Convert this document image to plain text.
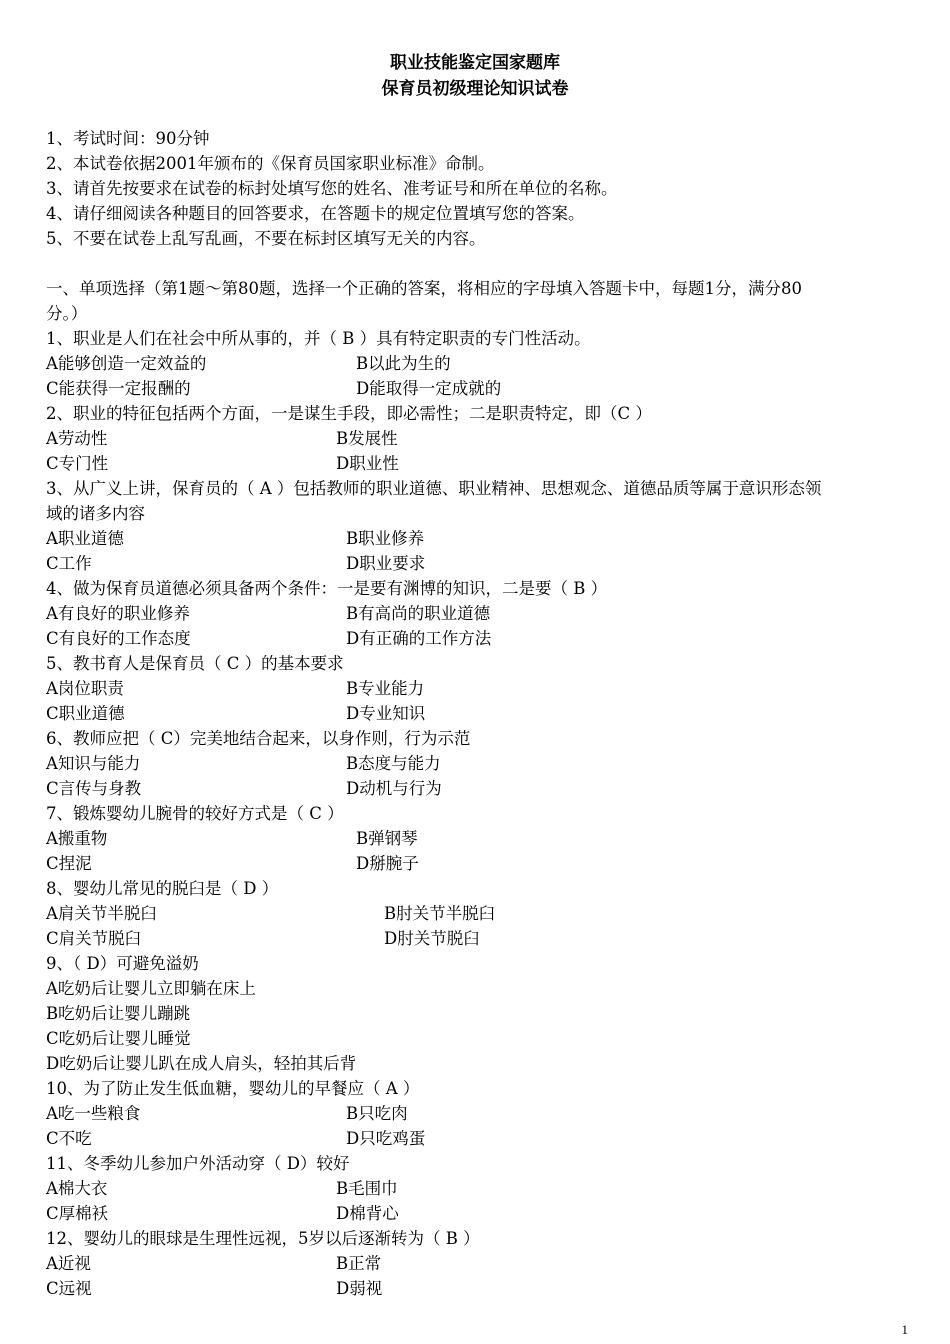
职业技能鉴定国家题库
保育员初级理论知识试卷
1、考试时间：90分钟
2、本试卷依据2001年颁布的《保育员国家职业标准》命制。
3、请首先按要求在试卷的标封处填写您的姓名、准考证号和所在单位的名称。
4、请仔细阅读各种题目的回答要求，在答题卡的规定位置填写您的答案。
5、不要在试卷上乱写乱画，不要在标封区填写无关的内容。
一、单项选择（第1题～第80题，选择一个正确的答案，将相应的字母填入答题卡中，每题1分，满分80
分。）
1、职业是人们在社会中所从事的，并（ B ）具有特定职责的专门性活动。
A能够创造一定效益的	B以此为生的
C能获得一定报酬的	D能取得一定成就的
2、职业的特征包括两个方面，一是谋生手段，即必需性；二是职责特定，即（C ）
A劳动性	B发展性
C专门性	D职业性
3、从广义上讲，保育员的（ A ）包括教师的职业道德、职业精神、思想观念、道德品质等属于意识形态领
域的诸多内容
A职业道德	B职业修养
C工作	D职业要求
4、做为保育员道德必须具备两个条件：一是要有渊博的知识，二是要（ B ）
A有良好的职业修养	B有高尚的职业道德
C有良好的工作态度	D有正确的工作方法
5、教书育人是保育员（ C ）的基本要求
A岗位职责	B专业能力
C职业道德	D专业知识
6、教师应把（ C）完美地结合起来，以身作则，行为示范
A知识与能力	B态度与能力
C言传与身教	D动机与行为
7、锻炼婴幼儿腕骨的较好方式是（ C ）
A搬重物	B弹钢琴
C捏泥	D掰腕子
8、婴幼儿常见的脱臼是（ D ）
A肩关节半脱臼	B肘关节半脱臼
C肩关节脱臼	D肘关节脱臼
9、（ D）可避免溢奶
A吃奶后让婴儿立即躺在床上
B吃奶后让婴儿蹦跳
C吃奶后让婴儿睡觉
D吃奶后让婴儿趴在成人肩头，轻拍其后背
10、为了防止发生低血糖，婴幼儿的早餐应（ A ）
A吃一些粮食	B只吃肉
C不吃	D只吃鸡蛋
11、冬季幼儿参加户外活动穿（ D）较好
A棉大衣	B毛围巾
C厚棉袄	D棉背心
12、婴幼儿的眼球是生理性远视，5岁以后逐渐转为（ B ）
A近视	B正常
C远视	D弱视
1
